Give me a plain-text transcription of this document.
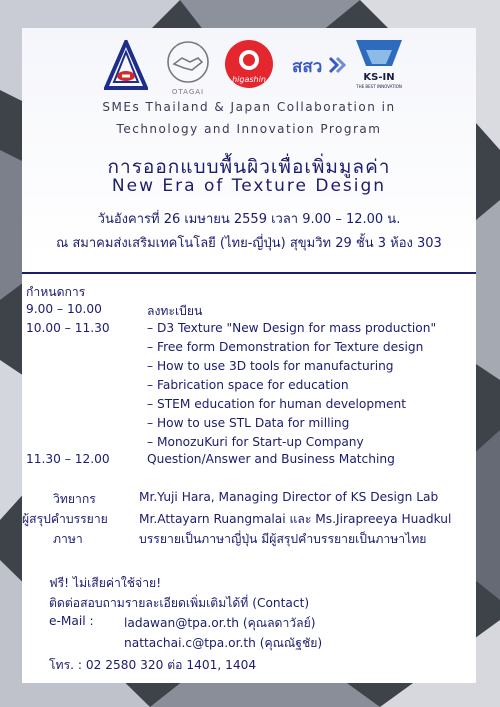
OTAGAI
higashin
สสว
KS-IN
THE BEST INNOVATION
SMEs Thailand & Japan Collaboration in
Technology and Innovation Program
การออกแบบพื้นผิวเพื่อเพิ่มมูลค่า
New Era of Texture Design
วันอังคารที่ 26 เมษายน 2559 เวลา 9.00 – 12.00 น.
ณ สมาคมส่งเสริมเทคโนโลยี (ไทย-ญี่ปุ่น) สุขุมวิท 29 ชั้น 3 ห้อง 303
กำหนดการ
9.00 – 10.00	ลงทะเบียน
10.00 – 11.30	– D3 Texture "New Design for mass production"
– Free form Demonstration for Texture design
– How to use 3D tools for manufacturing
– Fabrication space for education
– STEM education for human development
– How to use STL Data for milling
– MonozuKuri for Start-up Company
11.30 – 12.00	Question/Answer and Business Matching
วิทยากร	Mr.Yuji Hara, Managing Director of KS Design Lab
ผู้สรุปคำบรรยาย	Mr.Attayarn Ruangmalai และ Ms.Jirapreeya Huadkul
ภาษา	บรรยายเป็นภาษาญี่ปุ่น มีผู้สรุปคำบรรยายเป็นภาษาไทย
ฟรี! ไม่เสียค่าใช้จ่าย!
ติดต่อสอบถามรายละเอียดเพิ่มเติมได้ที่ (Contact)
e-Mail : ladawan@tpa.or.th (คุณลดาวัลย์)
nattachai.c@tpa.or.th (คุณณัฐชัย)
โทร. : 02 2580 320 ต่อ 1401, 1404
